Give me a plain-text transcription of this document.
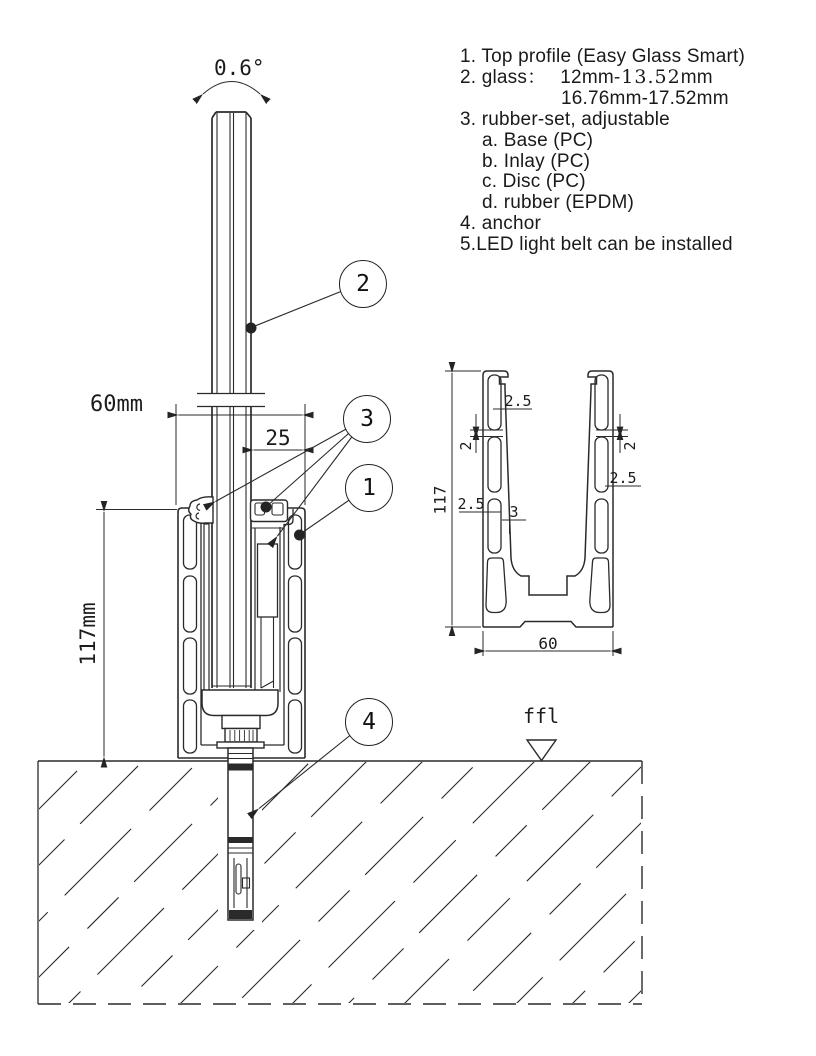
1. Top profile (Easy Glass Smart)
2. glass： 12mm-13.52mm
16.76mm-17.52mm
3. rubber-set, adjustable
a. Base (PC)
b. Inlay (PC)
c. Disc (PC)
d. rubber (EPDM)
4. anchor
5.LED light belt can be installed
0.6°
60mm
25
117mm
ffl
117
60
2.5
2
2.5 3
2.5
2
2
3
1
4
